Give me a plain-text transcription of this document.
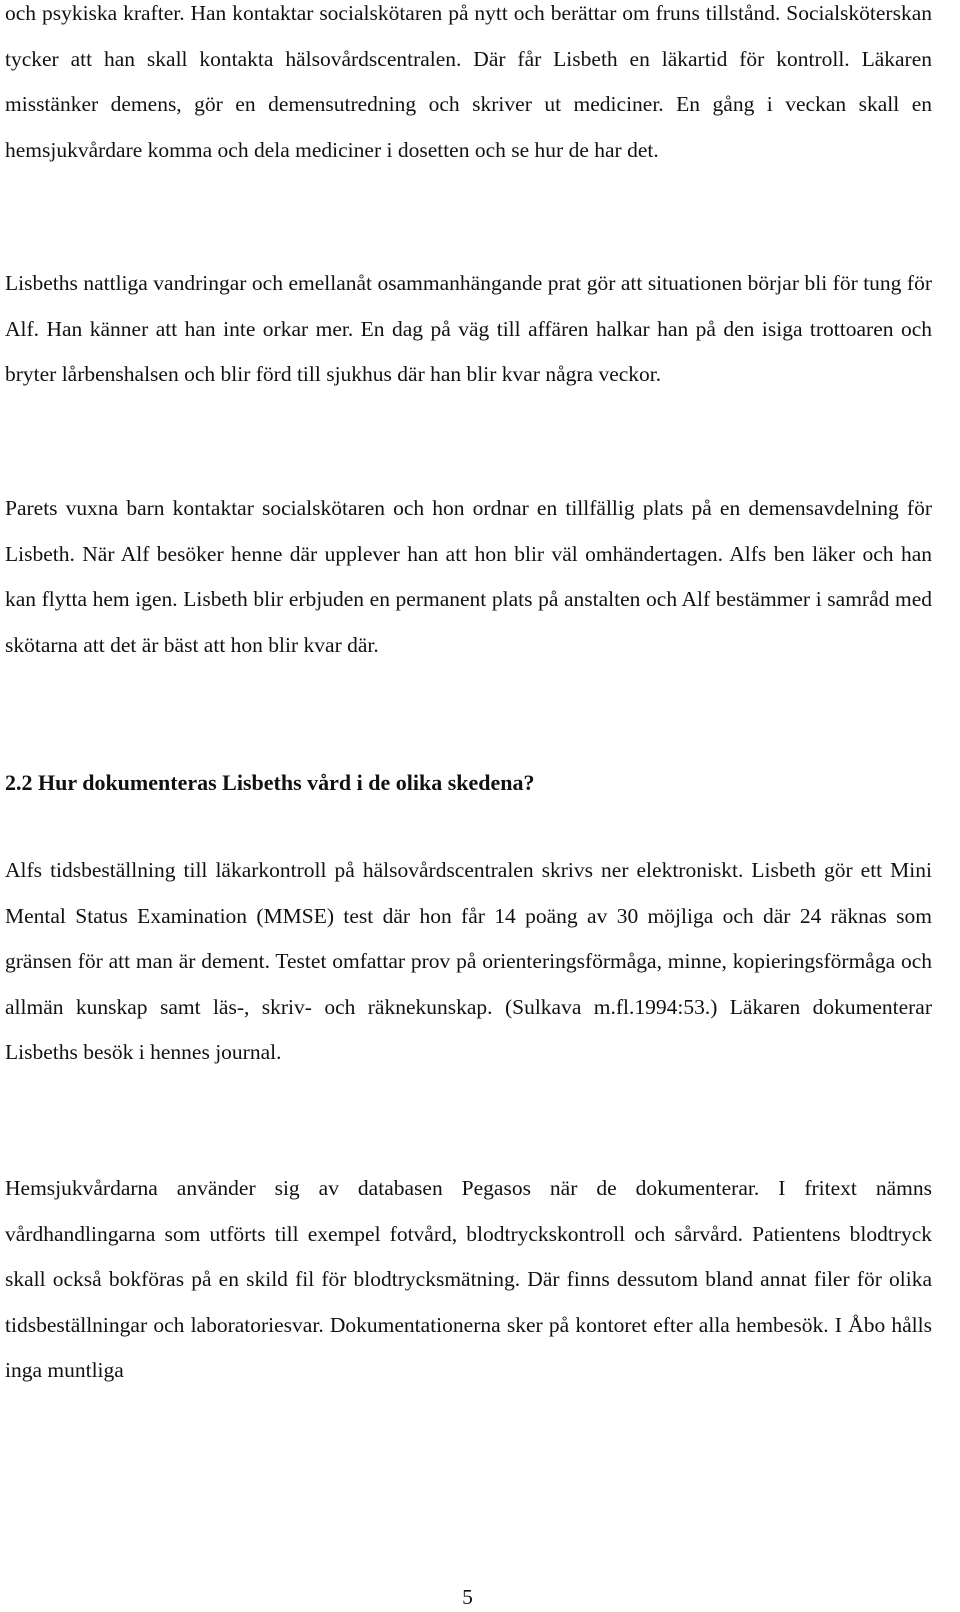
och psykiska krafter. Han kontaktar socialskötaren på nytt och berättar om fruns tillstånd. Socialsköterskan tycker att han skall kontakta hälsovårdscentralen. Där får Lisbeth en läkartid för kontroll. Läkaren misstänker demens, gör en demensutredning och skriver ut mediciner. En gång i veckan skall en hemsjukvårdare komma och dela mediciner i dosetten och se hur de har det.

Lisbeths nattliga vandringar och emellanåt osammanhängande prat gör att situationen börjar bli för tung för Alf. Han känner att han inte orkar mer. En dag på väg till affären halkar han på den isiga trottoaren och bryter lårbenshalsen och blir förd till sjukhus där han blir kvar några veckor.

Parets vuxna barn kontaktar socialskötaren och hon ordnar en tillfällig plats på en demensavdelning för Lisbeth. När Alf besöker henne där upplever han att hon blir väl omhändertagen. Alfs ben läker och han kan flytta hem igen. Lisbeth blir erbjuden en permanent plats på anstalten och Alf bestämmer i samråd med skötarna att det är bäst att hon blir kvar där.

2.2 Hur dokumenteras Lisbeths vård i de olika skedena?

Alfs tidsbeställning till läkarkontroll på hälsovårdscentralen skrivs ner elektroniskt. Lisbeth gör ett Mini Mental Status Examination (MMSE) test där hon får 14 poäng av 30 möjliga och där 24 räknas som gränsen för att man är dement. Testet omfattar prov på orienteringsförmåga, minne, kopieringsförmåga och allmän kunskap samt läs-, skriv- och räknekunskap. (Sulkava m.fl.1994:53.) Läkaren dokumenterar Lisbeths besök i hennes journal.

Hemsjukvårdarna använder sig av databasen Pegasos när de dokumenterar. I fritext nämns vårdhandlingarna som utförts till exempel fotvård, blodtryckskontroll och sårvård. Patientens blodtryck skall också bokföras på en skild fil för blodtrycksmätning. Där finns dessutom bland annat filer för olika tidsbeställningar och laboratoriesvar. Dokumentationerna sker på kontoret efter alla hembesök. I Åbo hålls inga muntliga

5
